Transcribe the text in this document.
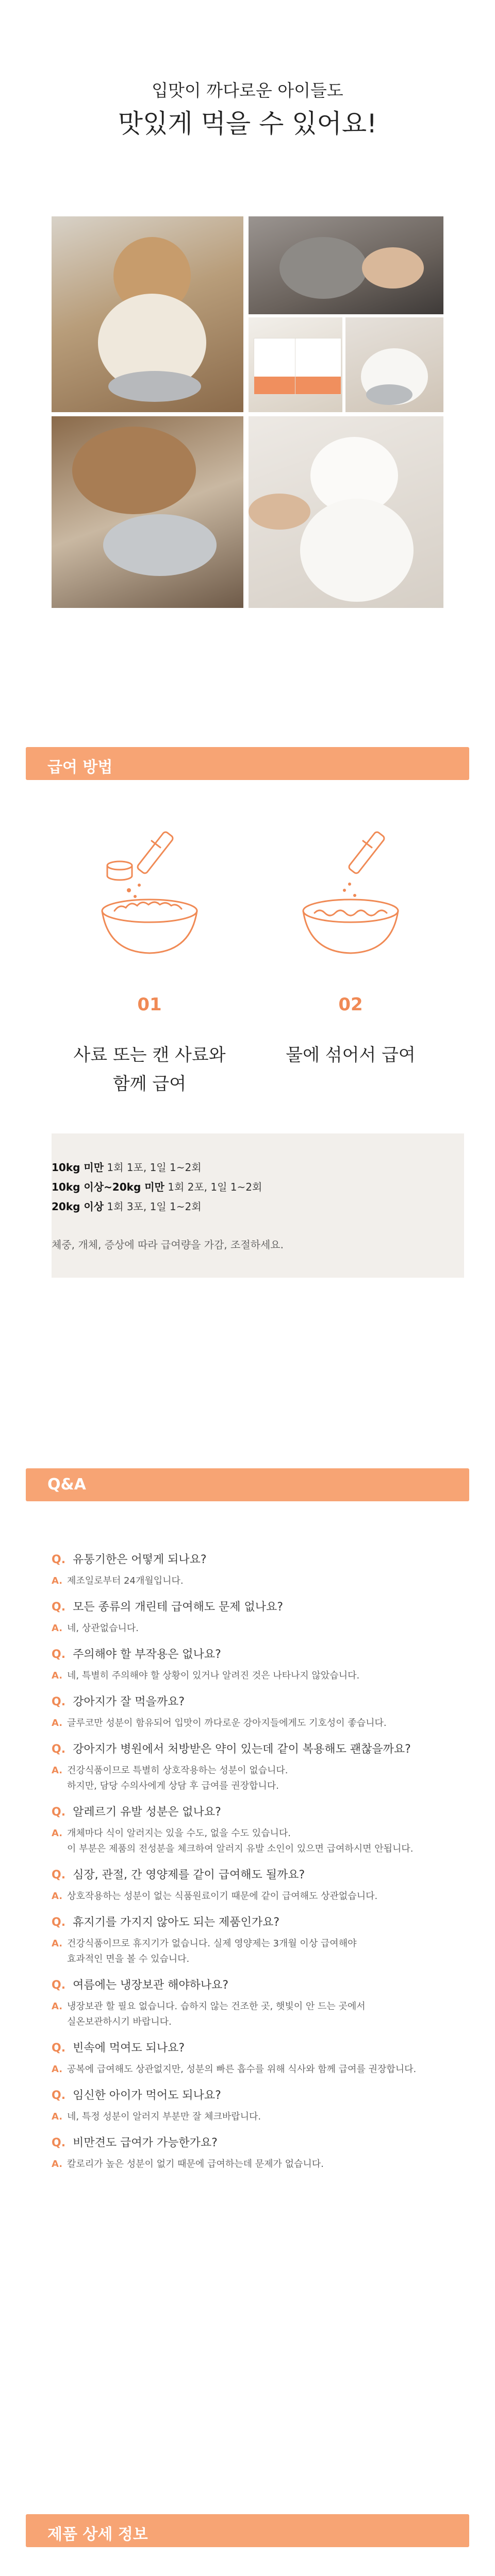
입맛이 까다로운 아이들도
맛있게 먹을 수 있어요!
급여 방법
01	02
사료 또는 캔 사료와
함께 급여
물에 섞어서 급여
10kg 미만 1회 1포, 1일 1~2회
10kg 이상~20kg 미만 1회 2포, 1일 1~2회
20kg 이상 1회 3포, 1일 1~2회
체중, 개체, 증상에 따라 급여량을 가감, 조절하세요.
Q&A
Q. 유통기한은 어떻게 되나요?
A. 제조일로부터 24개월입니다.
Q. 모든 종류의 개린테 급여해도 문제 없나요?
A. 네, 상관없습니다.
Q. 주의해야 할 부작용은 없나요?
A. 네, 특별히 주의해야 할 상황이 있거나 알려진 것은 나타나지 않았습니다.
Q. 강아지가 잘 먹을까요?
A. 글루코만 성분이 함유되어 입맛이 까다로운 강아지들에게도 기호성이 좋습니다.
Q. 강아지가 병원에서 처방받은 약이 있는데 같이 복용해도 괜찮을까요?
A. 건강식품이므로 특별히 상호작용하는 성분이 없습니다.
하지만, 담당 수의사에게 상담 후 급여를 권장합니다.
Q. 알레르기 유발 성분은 없나요?
A. 개체마다 식이 알러지는 있을 수도, 없을 수도 있습니다.
이 부분은 제품의 전성분을 체크하여 알러지 유발 소인이 있으면 급여하시면 안됩니다.
Q. 심장, 관절, 간 영양제를 같이 급여해도 될까요?
A. 상호작용하는 성분이 없는 식품원료이기 때문에 같이 급여해도 상관없습니다.
Q. 휴지기를 가지지 않아도 되는 제품인가요?
A. 건강식품이므로 휴지기가 없습니다. 실제 영양제는 3개월 이상 급여해야
효과적인 면을 볼 수 있습니다.
Q. 여름에는 냉장보관 해야하나요?
A. 냉장보관 할 필요 없습니다. 습하지 않는 건조한 곳, 햇빛이 안 드는 곳에서
실온보관하시기 바랍니다.
Q. 빈속에 먹여도 되나요?
A. 공복에 급여해도 상관없지만, 성분의 빠른 흡수를 위해 식사와 함께 급여를 권장합니다.
Q. 임신한 아이가 먹어도 되나요?
A. 네, 특정 성분이 알러지 부분만 잘 체크바랍니다.
Q. 비만견도 급여가 가능한가요?
A. 칼로리가 높은 성분이 없기 때문에 급여하는데 문제가 없습니다.
제품 상세 정보
